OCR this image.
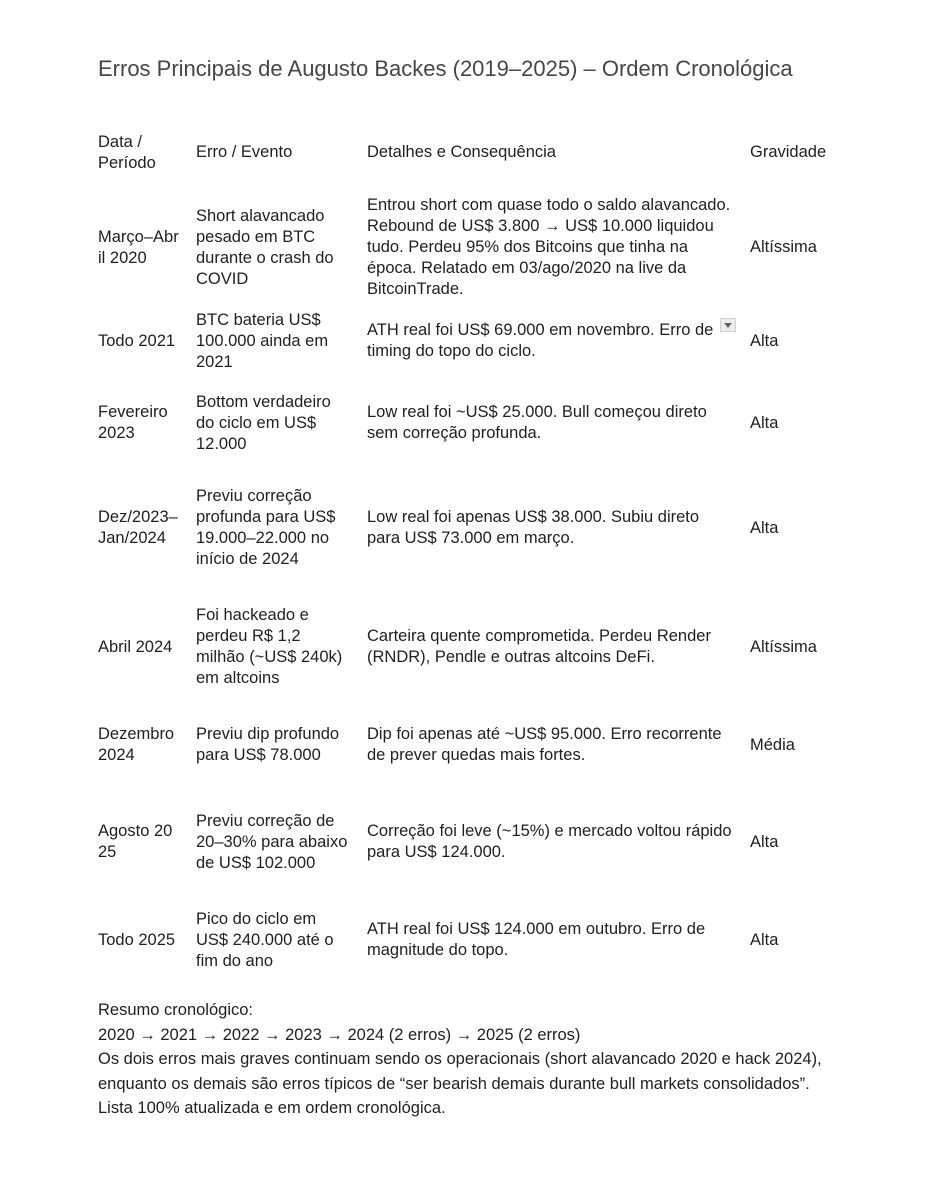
Erros Principais de Augusto Backes (2019–2025) – Ordem Cronológica
Data / Período	Erro / Evento	Detalhes e Consequência	Gravidade
Março–Abril 2020	Short alavancado pesado em BTC durante o crash do COVID	Entrou short com quase todo o saldo alavancado. Rebound de US$ 3.800 → US$ 10.000 liquidou tudo. Perdeu 95% dos Bitcoins que tinha na época. Relatado em 03/ago/2020 na live da BitcoinTrade.	Altíssima
Todo 2021	BTC bateria US$ 100.000 ainda em 2021	ATH real foi US$ 69.000 em novembro. Erro de timing do topo do ciclo.	Alta
Fevereiro 2023	Bottom verdadeiro do ciclo em US$ 12.000	Low real foi ~US$ 25.000. Bull começou direto sem correção profunda.	Alta
Dez/2023–Jan/2024	Previu correção profunda para US$ 19.000–22.000 no início de 2024	Low real foi apenas US$ 38.000. Subiu direto para US$ 73.000 em março.	Alta
Abril 2024	Foi hackeado e perdeu R$ 1,2 milhão (~US$ 240k) em altcoins	Carteira quente comprometida. Perdeu Render (RNDR), Pendle e outras altcoins DeFi.	Altíssima
Dezembro 2024	Previu dip profundo para US$ 78.000	Dip foi apenas até ~US$ 95.000. Erro recorrente de prever quedas mais fortes.	Média
Agosto 2025	Previu correção de 20–30% para abaixo de US$ 102.000	Correção foi leve (~15%) e mercado voltou rápido para US$ 124.000.	Alta
Todo 2025	Pico do ciclo em US$ 240.000 até o fim do ano	ATH real foi US$ 124.000 em outubro. Erro de magnitude do topo.	Alta

Resumo cronológico:

2020 → 2021 → 2022 → 2023 → 2024 (2 erros) → 2025 (2 erros)

Os dois erros mais graves continuam sendo os operacionais (short alavancado 2020 e hack 2024), enquanto os demais são erros típicos de “ser bearish demais durante bull markets consolidados”.

Lista 100% atualizada e em ordem cronológica.
